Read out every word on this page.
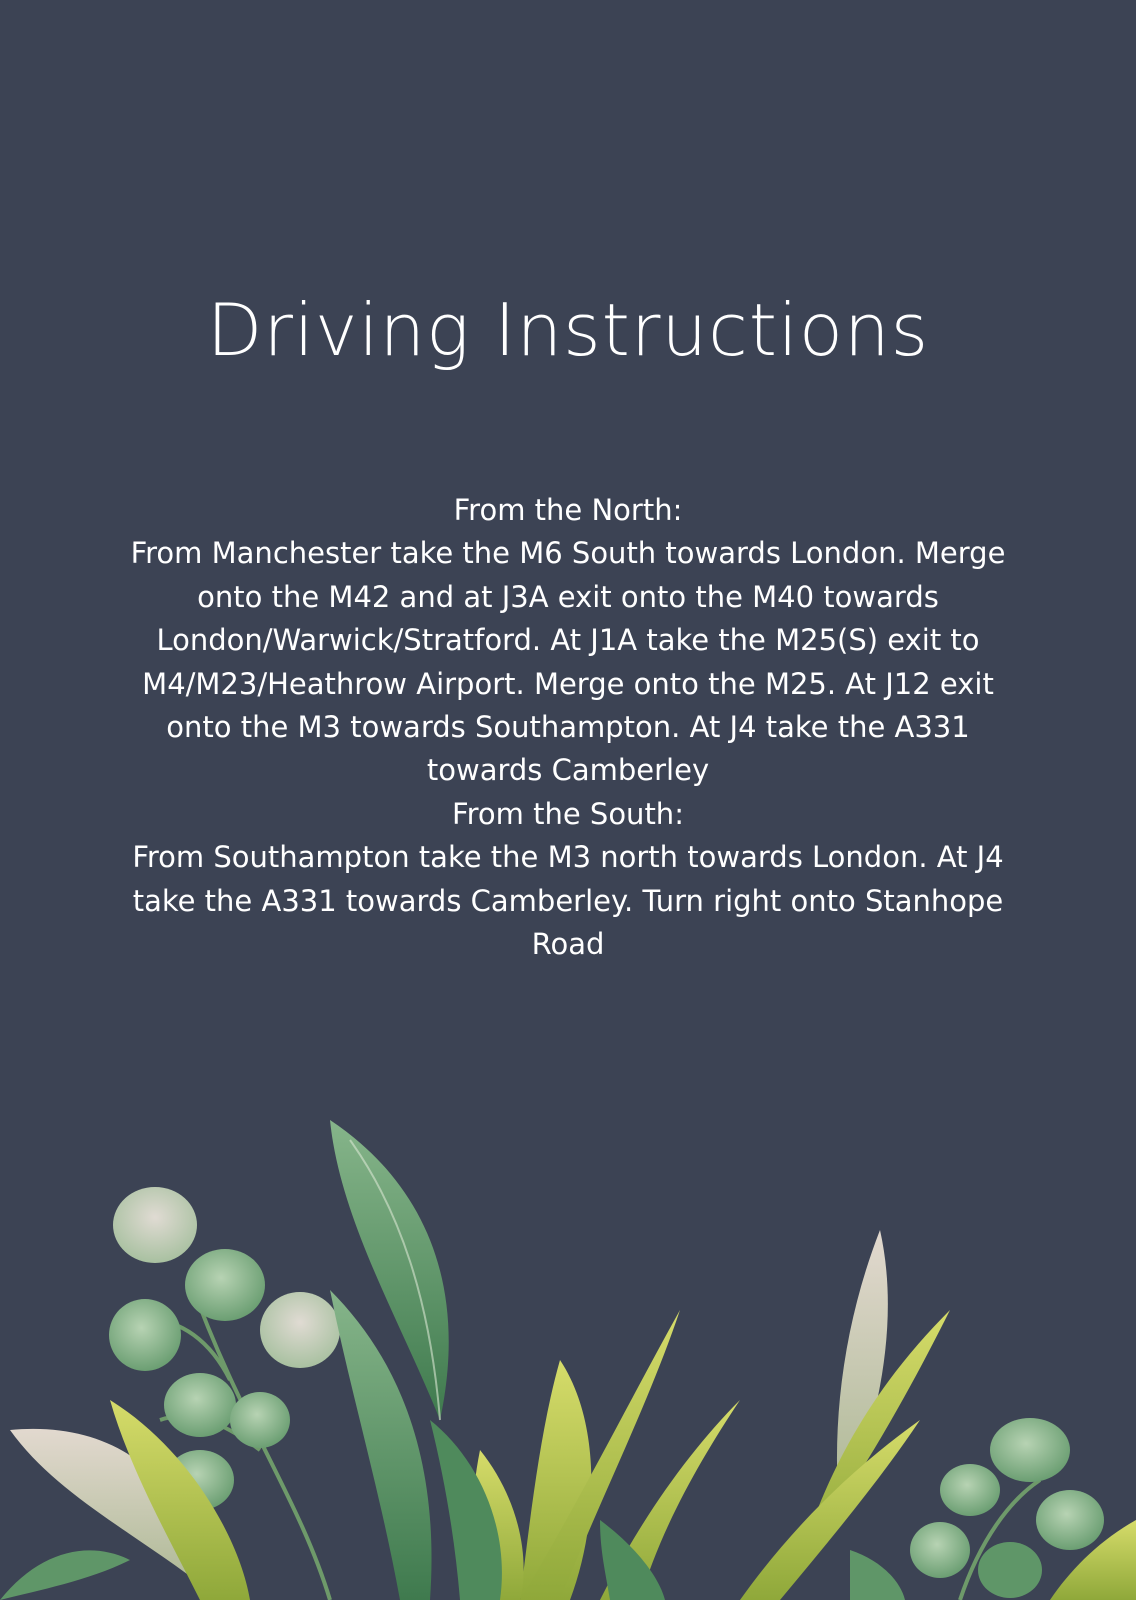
Driving Instructions
From the North:
From Manchester take the M6 South towards London. Merge onto the M42 and at J3A exit onto the M40 towards London/Warwick/Stratford. At J1A take the M25(S) exit to M4/M23/Heathrow Airport. Merge onto the M25. At J12 exit onto the M3 towards Southampton. At J4 take the A331 towards Camberley
From the South:
From Southampton take the M3 north towards London. At J4 take the A331 towards Camberley. Turn right onto Stanhope Road
